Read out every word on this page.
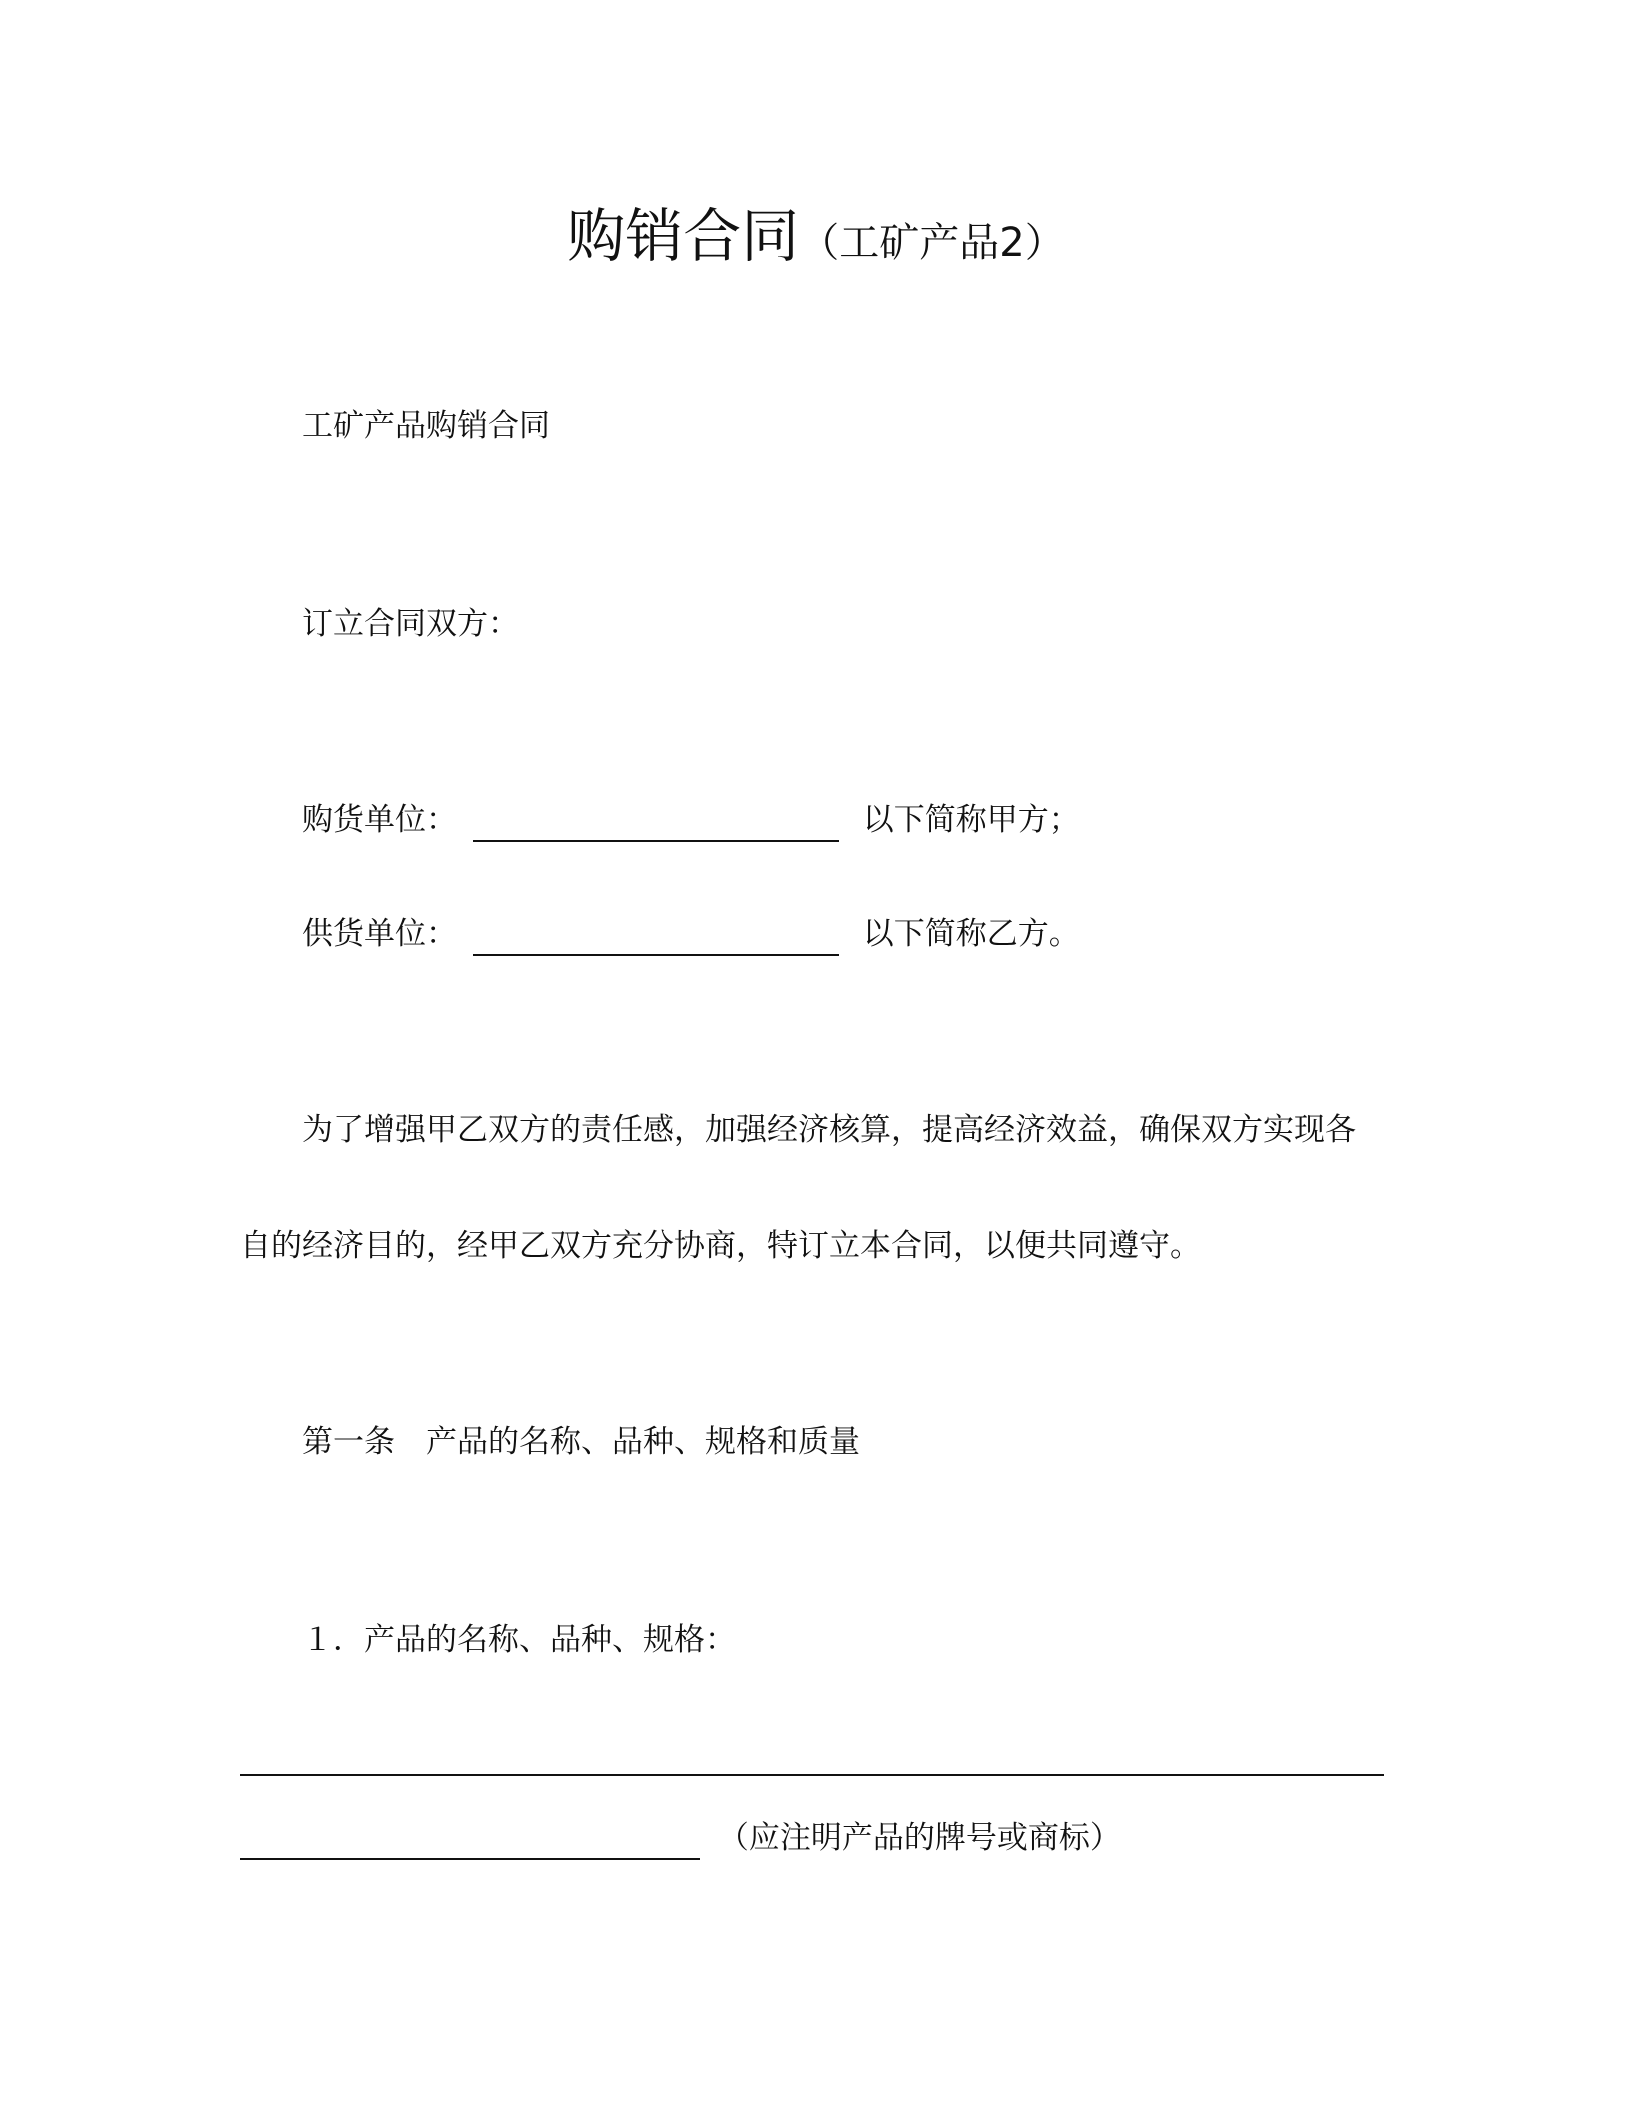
购销合同（工矿产品2）
工矿产品购销合同
订立合同双方：
购货单位：	以下简称甲方；
供货单位：	以下简称乙方。
为了增强甲乙双方的责任感，加强经济核算，提高经济效益，确保双方实现各
自的经济目的，经甲乙双方充分协商，特订立本合同，以便共同遵守。
第一条　产品的名称、品种、规格和质量
１．产品的名称、品种、规格：
（应注明产品的牌号或商标）
